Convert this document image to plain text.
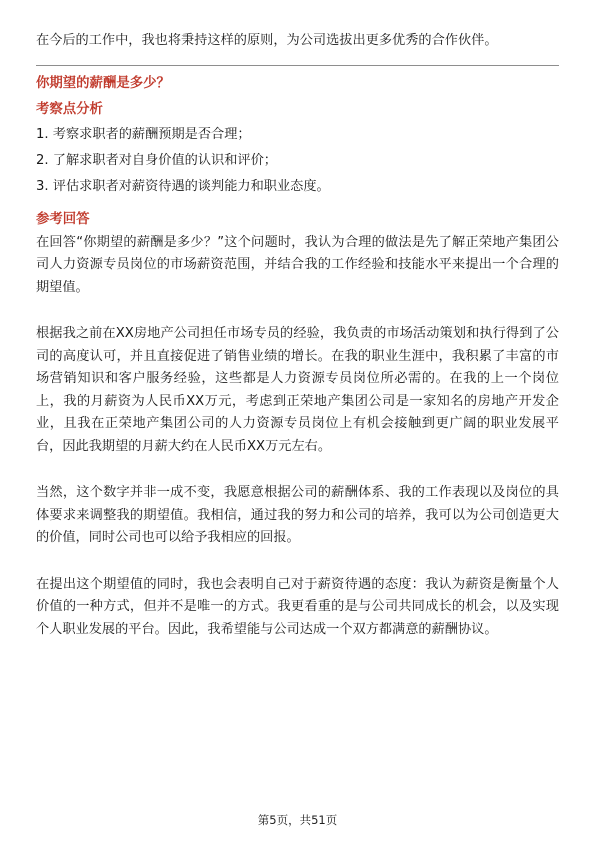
在今后的工作中，我也将秉持这样的原则，为公司选拔出更多优秀的合作伙伴。

你期望的薪酬是多少？
考察点分析

1. 考察求职者的薪酬预期是否合理；

2. 了解求职者对自身价值的认识和评价；

3. 评估求职者对薪资待遇的谈判能力和职业态度。

参考回答

在回答“你期望的薪酬是多少？”这个问题时，我认为合理的做法是先了解正荣地产集团公司人力资源专员岗位的市场薪资范围，并结合我的工作经验和技能水平来提出一个合理的期望值。

根据我之前在XX房地产公司担任市场专员的经验，我负责的市场活动策划和执行得到了公司的高度认可，并且直接促进了销售业绩的增长。在我的职业生涯中，我积累了丰富的市场营销知识和客户服务经验，这些都是人力资源专员岗位所必需的。在我的上一个岗位上，我的月薪资为人民币XX万元，考虑到正荣地产集团公司是一家知名的房地产开发企业，且我在正荣地产集团公司的人力资源专员岗位上有机会接触到更广阔的职业发展平台，因此我期望的月薪大约在人民币XX万元左右。

当然，这个数字并非一成不变，我愿意根据公司的薪酬体系、我的工作表现以及岗位的具体要求来调整我的期望值。我相信，通过我的努力和公司的培养，我可以为公司创造更大的价值，同时公司也可以给予我相应的回报。

在提出这个期望值的同时，我也会表明自己对于薪资待遇的态度：我认为薪资是衡量个人价值的一种方式，但并不是唯一的方式。我更看重的是与公司共同成长的机会，以及实现个人职业发展的平台。因此，我希望能与公司达成一个双方都满意的薪酬协议。

第5页，共51页
